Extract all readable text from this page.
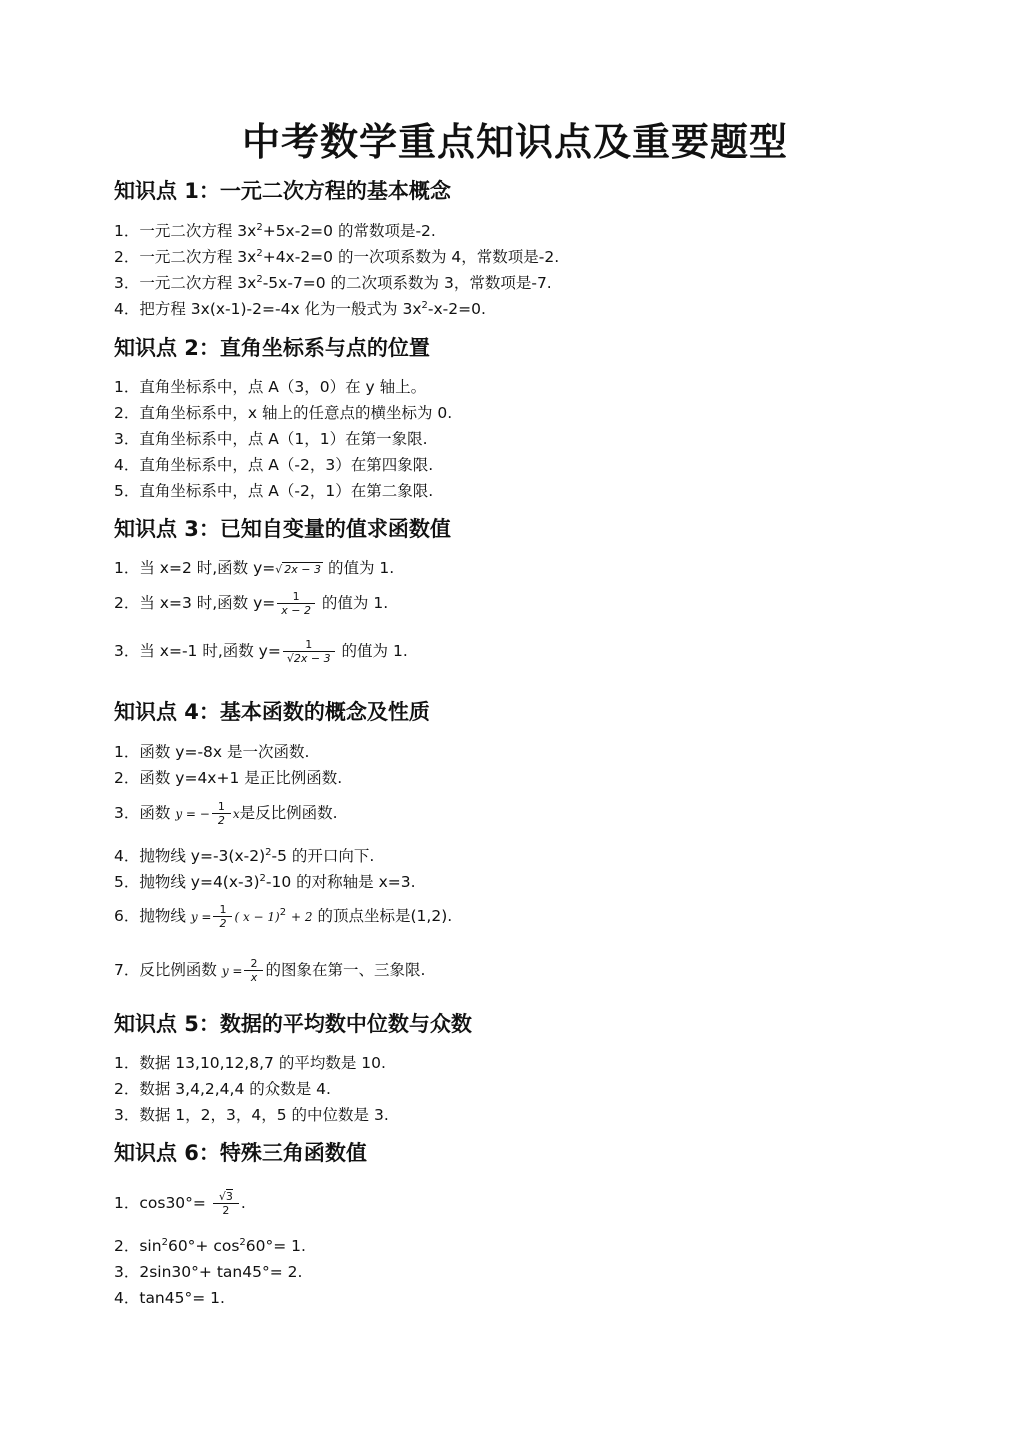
中考数学重点知识点及重要题型
知识点 1：一元二次方程的基本概念
1．一元二次方程 $3x^2+5x-2=0$ 的常数项是-2.
2．一元二次方程 $3x^2+4x-2=0$ 的一次项系数为 4，常数项是-2.
3．一元二次方程 $3x^2-5x-7=0$ 的二次项系数为 3，常数项是-7.
4．把方程 3x(x-1)-2=-4x 化为一般式为 $3x^2-x-2=0$.
知识点 2：直角坐标系与点的位置
1．直角坐标系中，点 A（3，0）在 y 轴上。
2．直角坐标系中，x 轴上的任意点的横坐标为 0.
3．直角坐标系中，点 A（1，1）在第一象限.
4．直角坐标系中，点 A（-2，3）在第四象限.
5．直角坐标系中，点 A（-2，1）在第二象限.
知识点 3：已知自变量的值求函数值
1．当 x=2 时,函数 y=√ 2x − 3 的值为 1.
2．当 x=3 时,函数 $y= \frac{1}{x - 2}$ 的值为 1.
3．当 x=-1 时,函数 $y= \frac{1}{√2x - 3}$ 的值为 1.
知识点 4：基本函数的概念及性质
1．函数 y=-8x 是一次函数.
2．函数 y=4x+1 是正比例函数.
3．函数 y = − $\frac{1}{2}$ x是反比例函数.
4．抛物线 $y=-3(x-2)^2-5$ 的开口向下.
5．抛物线 $y=4(x-3)^2-10$ 的对称轴是 x=3.
6．抛物线 $y = \frac{1}{2}$ ( x − 1)$^2$ + 2 的顶点坐标是(1,2).
7．反比例函数 $y = \frac{2}{x}$ 的图象在第一、三象限.
知识点 5：数据的平均数中位数与众数
1．数据 13,10,12,8,7 的平均数是 10.
2．数据 3,4,2,4,4 的众数是 4.
3．数据 1，2，3，4，5 的中位数是 3.
知识点 6：特殊三角函数值
1．$\cos 30^\circ= \frac{√3}{2}$ .
2．$\sin^260^\circ+ \cos^260^\circ= 1$.
3．2sin30°+ tan45°= 2.
4．tan45°= 1.
